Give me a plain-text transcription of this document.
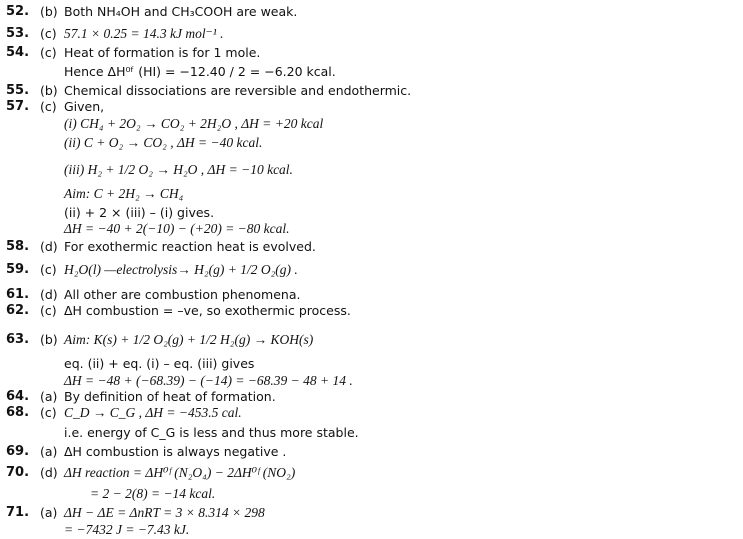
52. (b) Both NH₄OH and CH₃COOH are weak.
53. (c) 57.1 × 0.25 = 14.3 kJ mol⁻¹ .
54. (c) Heat of formation is for 1 mole.
Hence ΔH⁰ᶠ (HI) = −12.40 / 2 = −6.20 kcal.
55. (b) Chemical dissociations are reversible and endothermic.
57. (c) Given,
(i) CH₄ + 2O₂ → CO₂ + 2H₂O , ΔH = +20 kcal
(ii) C + O₂ → CO₂ , ΔH = −40 kcal.
(iii) H₂ + 1/2 O₂ → H₂O , ΔH = −10 kcal.
Aim: C + 2H₂ → CH₄
(ii) + 2 × (iii) – (i) gives.
ΔH = −40 + 2(−10) − (+20) = −80 kcal.
58. (d) For exothermic reaction heat is evolved.
59. (c) H₂O(l) —electrolysis→ H₂(g) + 1/2 O₂(g) .
61. (d) All other are combustion phenomena.
62. (c) ΔH combustion = –ve, so exothermic process.
63. (b) Aim: K(s) + 1/2 O₂(g) + 1/2 H₂(g) → KOH(s)
eq. (ii) + eq. (i) – eq. (iii) gives
ΔH = −48 + (−68.39) − (−14) = −68.39 − 48 + 14 .
64. (a) By definition of heat of formation.
68. (c) C_D → C_G , ΔH = −453.5 cal.
i.e. energy of C_G is less and thus more stable.
69. (a) ΔH combustion is always negative .
70. (d) ΔH reaction = ΔH⁰ᶠ (N₂O₄) − 2ΔH⁰ᶠ (NO₂)
= 2 − 2(8) = −14 kcal.
71. (a) ΔH − ΔE = ΔnRT = 3 × 8.314 × 298
= −7432 J = −7.43 kJ.
